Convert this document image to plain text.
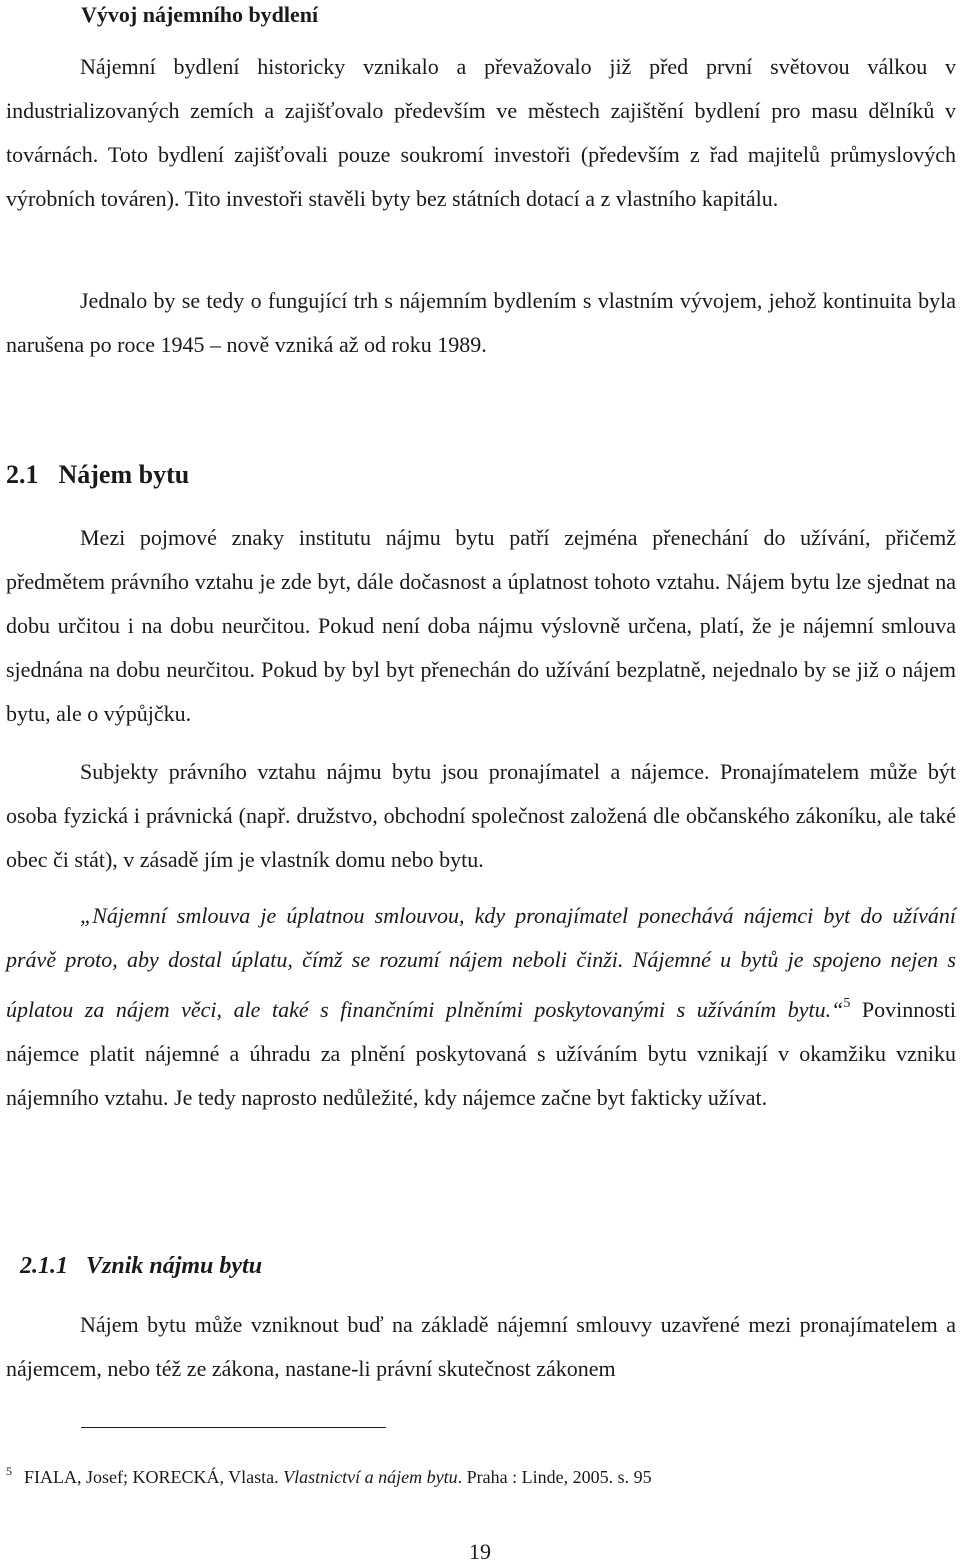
Vývoj nájemního bydlení

Nájemní bydlení historicky vznikalo a převažovalo již před první světovou válkou v industrializovaných zemích a zajišťovalo především ve městech zajištění bydlení pro masu dělníků v továrnách. Toto bydlení zajišťovali pouze soukromí investoři (především z řad majitelů průmyslových výrobních továren). Tito investoři stavěli byty bez státních dotací a z vlastního kapitálu.

Jednalo by se tedy o fungující trh s nájemním bydlením s vlastním vývojem, jehož kontinuita byla narušena po roce 1945 – nově vzniká až od roku 1989.

2.1 Nájem bytu

Mezi pojmové znaky institutu nájmu bytu patří zejména přenechání do užívání, přičemž předmětem právního vztahu je zde byt, dále dočasnost a úplatnost tohoto vztahu. Nájem bytu lze sjednat na dobu určitou i na dobu neurčitou. Pokud není doba nájmu výslovně určena, platí, že je nájemní smlouva sjednána na dobu neurčitou. Pokud by byl byt přenechán do užívání bezplatně, nejednalo by se již o nájem bytu, ale o výpůjčku.

Subjekty právního vztahu nájmu bytu jsou pronajímatel a nájemce. Pronajímatelem může být osoba fyzická i právnická (např. družstvo, obchodní společnost založená dle občanského zákoníku, ale také obec či stát), v zásadě jím je vlastník domu nebo bytu.

„Nájemní smlouva je úplatnou smlouvou, kdy pronajímatel ponechává nájemci byt do užívání právě proto, aby dostal úplatu, čímž se rozumí nájem neboli činži. Nájemné u bytů je spojeno nejen s úplatou za nájem věci, ale také s finančními plněními poskytovanými s užíváním bytu.“$^5$ Povinnosti nájemce platit nájemné a úhradu za plnění poskytovaná s užíváním bytu vznikají v okamžiku vzniku nájemního vztahu. Je tedy naprosto nedůležité, kdy nájemce začne byt fakticky užívat.

2.1.1 Vznik nájmu bytu

Nájem bytu může vzniknout buď na základě nájemní smlouvy uzavřené mezi pronajímatelem a nájemcem, nebo též ze zákona, nastane-li právní skutečnost zákonem

$^5$ FIALA, Josef; KORECKÁ, Vlasta. Vlastnictví a nájem bytu. Praha : Linde, 2005. s. 95
19
